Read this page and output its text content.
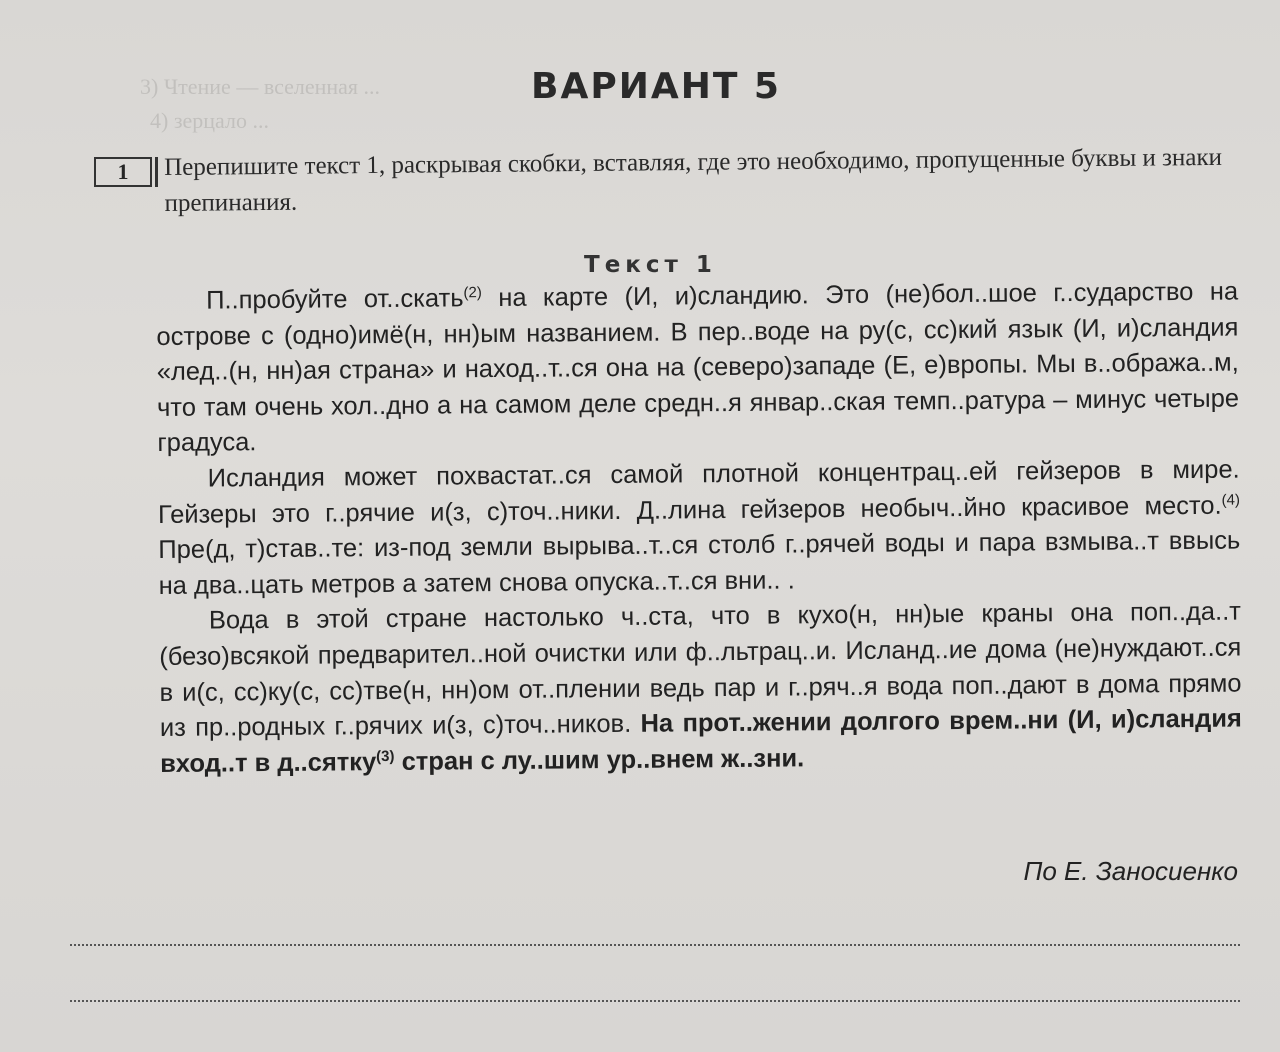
3) Чтение — вселенная ...
4) зерцало ...

ВАРИАНТ 5
1	Перепишите текст 1, раскрывая скобки, вставляя, где это необходимо, пропущенные буквы и знаки препинания.
Текст 1

П..пробуйте от..скать$^{(2)}$ на карте (И, и)сландию. Это (не)бол..шое г..сударство на острове с (одно)имё(н, нн)ым названием. В пер..воде на ру(с, сс)кий язык (И, и)сландия «лед..(н, нн)ая страна» и наход..т..ся она на (северо)западе (Е, е)вропы. Мы в..обража..м, что там очень хол..дно а на самом деле средн..я январ..ская темп..ратура – минус четыре градуса.

Исландия может похвастат..ся самой плотной концентрац..ей гейзеров в мире. Гейзеры это г..рячие и(з, с)точ..ники. Д..лина гейзеров необыч..йно красивое место.$^{(4)}$ Пре(д, т)став..те: из-под земли вырыва..т..ся столб г..рячей воды и пара взмыва..т ввысь на два..цать метров а затем снова опуска..т..ся вни.. .

Вода в этой стране настолько ч..ста, что в кухо(н, нн)ые краны она поп..да..т (безо)всякой предварител..ной очистки или ф..льтрац..и. Исланд..ие дома (не)нуждают..ся в и(с, сс)ку(с, сс)тве(н, нн)ом от..плении ведь пар и г..ряч..я вода поп..дают в дома прямо из пр..родных г..рячих и(з, с)точ..ников. На прот..жении долгого врем..ни (И, и)сландия вход..т в д..сятку$^{(3)}$ стран с лу..шим ур..внем ж..зни.

По Е. Заносиенко
